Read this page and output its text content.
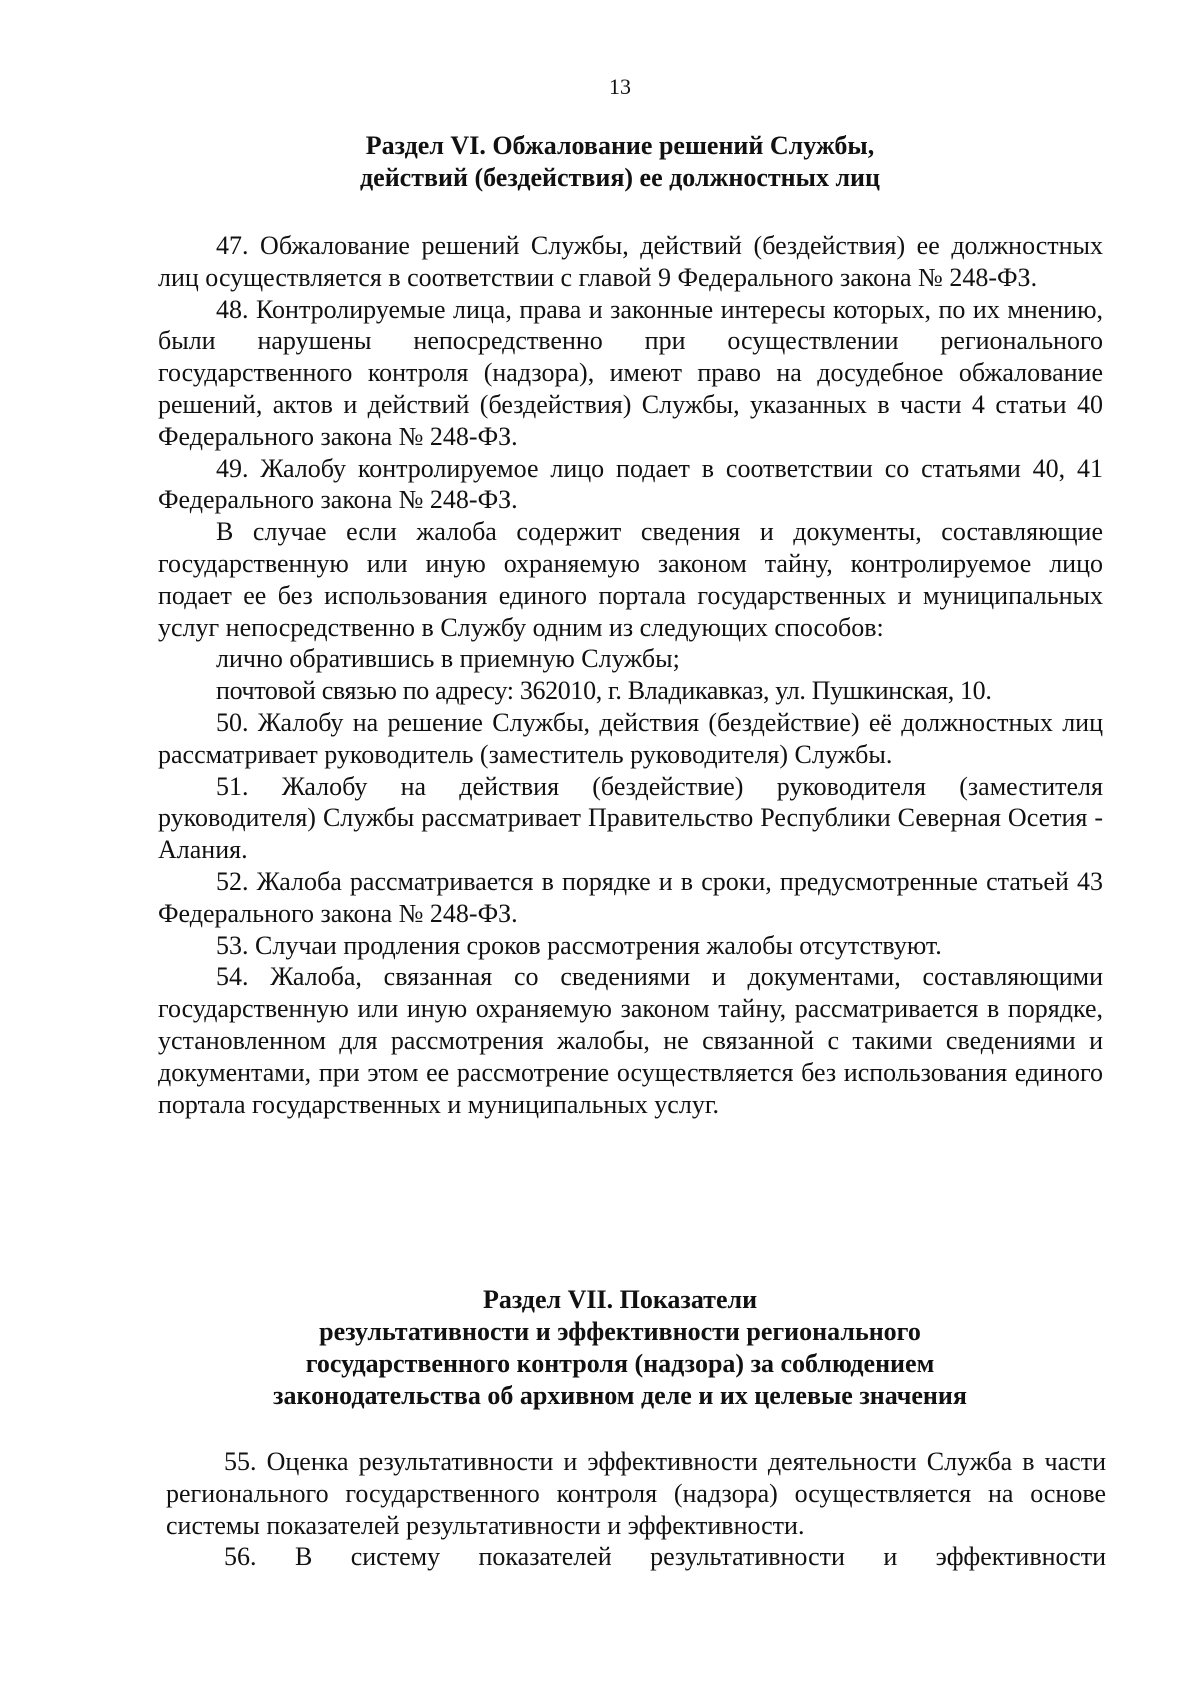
13
Раздел VI. Обжалование решений Службы,
действий (бездействия) ее должностных лиц

47. Обжалование решений Службы, действий (бездействия) ее должностных лиц осуществляется в соответствии с главой 9 Федерального закона № 248-ФЗ.

48. Контролируемые лица, права и законные интересы которых, по их мнению, были нарушены непосредственно при осуществлении регионального государственного контроля (надзора), имеют право на досудебное обжалование решений, актов и действий (бездействия) Службы, указанных в части 4 статьи 40 Федерального закона № 248-ФЗ.

49. Жалобу контролируемое лицо подает в соответствии со статьями 40, 41 Федерального закона № 248-ФЗ.

В случае если жалоба содержит сведения и документы, составляющие государственную или иную охраняемую законом тайну, контролируемое лицо подает ее без использования единого портала государственных и муниципальных услуг непосредственно в Службу одним из следующих способов:

лично обратившись в приемную Службы;

почтовой связью по адресу: 362010, г. Владикавказ, ул. Пушкинская, 10.

50. Жалобу на решение Службы, действия (бездействие) её должностных лиц рассматривает руководитель (заместитель руководителя) Службы.

51. Жалобу на действия (бездействие) руководителя (заместителя руководителя) Службы рассматривает Правительство Республики Северная Осетия - Алания.

52. Жалоба рассматривается в порядке и в сроки, предусмотренные статьей 43 Федерального закона № 248-ФЗ.

53. Случаи продления сроков рассмотрения жалобы отсутствуют.

54. Жалоба, связанная со сведениями и документами, составляющими государственную или иную охраняемую законом тайну, рассматривается в порядке, установленном для рассмотрения жалобы, не связанной с такими сведениями и документами, при этом ее рассмотрение осуществляется без использования единого портала государственных и муниципальных услуг.

Раздел VII. Показатели
результативности и эффективности регионального
государственного контроля (надзора) за соблюдением
законодательства об архивном деле и их целевые значения

55. Оценка результативности и эффективности деятельности Служба в части регионального государственного контроля (надзора) осуществляется на основе системы показателей результативности и эффективности.

56. В систему показателей результативности и эффективности
